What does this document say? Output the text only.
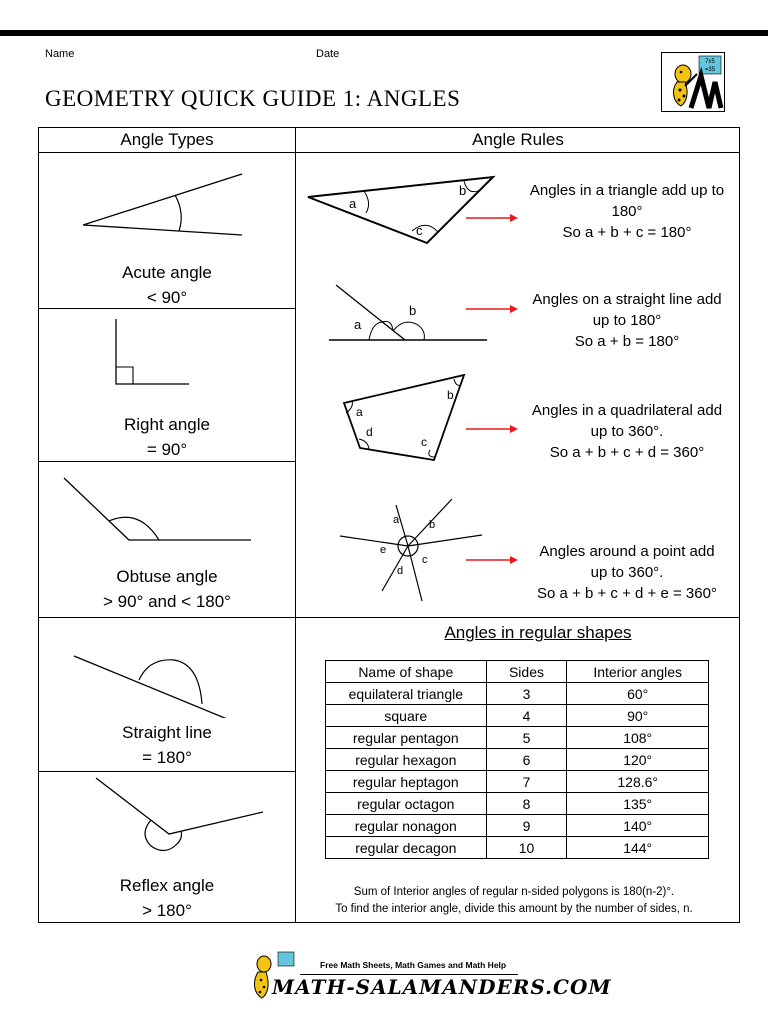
Name	Date
GEOMETRY QUICK GUIDE 1: ANGLES
7x5
=35
Angle Types	Angle Rules
Acute angle
< 90°
Right angle
= 90°
Obtuse angle
> 90° and < 180°
Straight line
= 180°
Reflex angle
> 180°
a
b
c
Angles in a triangle add up to
180°
So a + b + c = 180°
a
b
Angles on a straight line add
up to 180°
So a + b = 180°
a
b
c
d
Angles in a quadrilateral add
up to 360°.
So a + b + c + d = 360°
a	b
c
d
e	Angles around a point add
up to 360°.
So a + b + c + d + e = 360°
Angles in regular shapes
Name of shape	Sides	Interior angles
equilateral triangle	3	60°
square	4	90°
regular pentagon	5	108°
regular hexagon	6	120°
regular heptagon	7	128.6°
regular octagon	8	135°
regular nonagon	9	140°
regular decagon	10	144°
Sum of Interior angles of regular n-sided polygons is 180(n-2)°.
To find the interior angle, divide this amount by the number of sides, n.
Free Math Sheets, Math Games and Math Help
MATH-SALAMANDERS.COM
